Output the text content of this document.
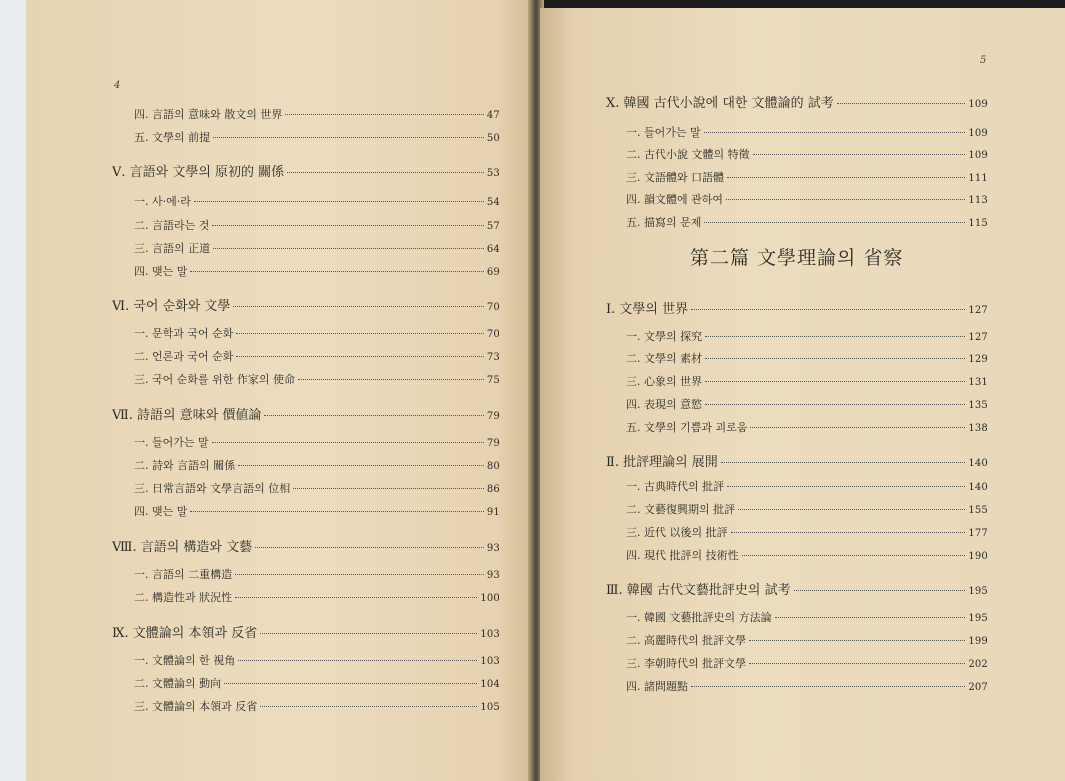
4
四. 言語의 意味와 散文의 世界	47
五. 文學의 前提	50
Ⅴ. 言語와 文學의 原初的 關係	53
一. 사·에·라	54
二. 言語라는 것	57
三. 言語의 正道	64
四. 맺는 말	69
Ⅵ. 국어 순화와 文學	70
一. 문학과 국어 순화	70
二. 언론과 국어 순화	73
三. 국어 순화를 위한 作家의 使命	75
Ⅶ. 詩語의 意味와 價値論	79
一. 들어가는 말	79
二. 詩와 言語의 關係	80
三. 日常言語와 文學言語의 位相	86
四. 맺는 말	91
Ⅷ. 言語의 構造와 文藝	93
一. 言語의 二重構造	93
二. 構造性과 狀況性	100
Ⅸ. 文體論의 本領과 反省	103
一. 文體論의 한 視角	103
二. 文體論의 動向	104
三. 文體論의 本領과 反省	105
5
第二篇 文學理論의 省察
Ⅹ. 韓國 古代小說에 대한 文體論的 試考	109
一. 들어가는 말	109
二. 古代小說 文體의 特徵	109
三. 文語體와 口語體	111
四. 韻文體에 관하여	113
五. 描寫의 문제	115
Ⅰ. 文學의 世界	127
一. 文學의 探究	127
二. 文學의 素材	129
三. 心象의 世界	131
四. 表現의 意慾	135
五. 文學의 기쁨과 괴로움	138
Ⅱ. 批評理論의 展開	140
一. 古典時代의 批評	140
二. 文藝復興期의 批評	155
三. 近代 以後의 批評	177
四. 現代 批評의 技術性	190
Ⅲ. 韓國 古代文藝批評史의 試考	195
一. 韓國 文藝批評史의 方法論	195
二. 高麗時代의 批評文學	199
三. 李朝時代의 批評文學	202
四. 諸問題點	207
